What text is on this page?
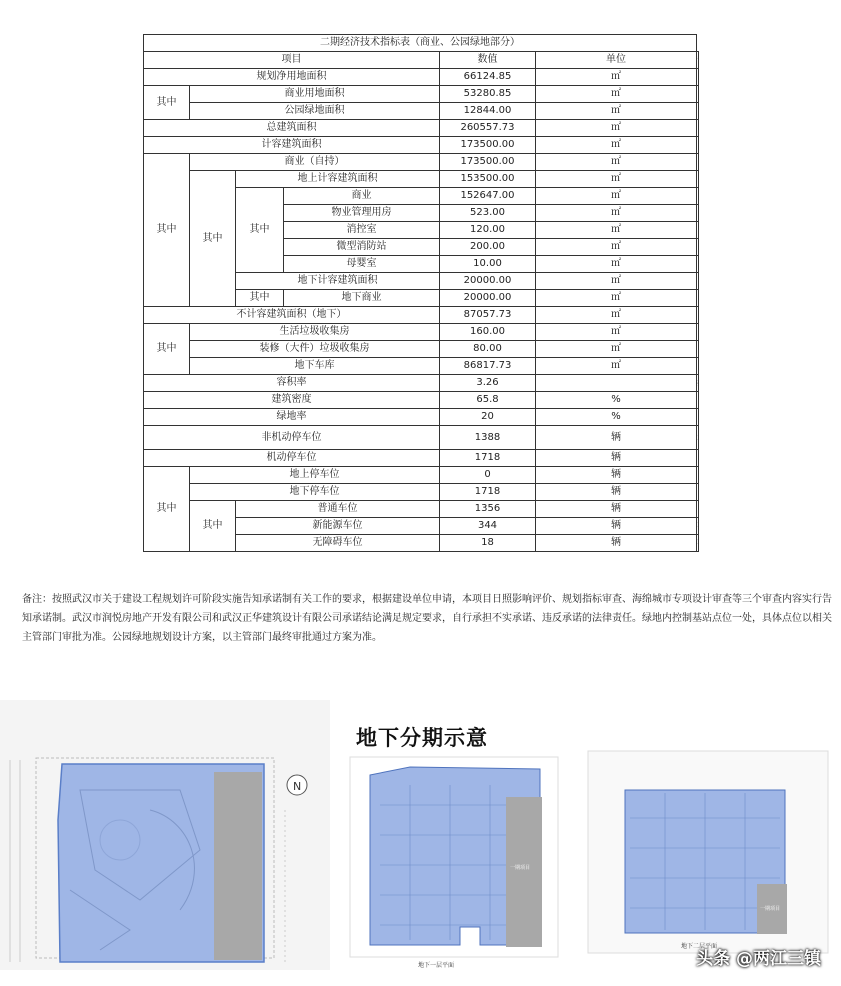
二期经济技术指标表（商业、公园绿地部分）						
项目				数值	单位	
规划净用地面积				66124.85	㎡	
其中	商业用地面积			53280.85	㎡	
	公园绿地面积			12844.00	㎡	
总建筑面积				260557.73	㎡	
计容建筑面积				173500.00	㎡	
其中	商业（自持）			173500.00	㎡	
	其中	地上计容建筑面积		153500.00	㎡	
		其中	商业	152647.00	㎡	
			物业管理用房	523.00	㎡	
			消控室	120.00	㎡	
			微型消防站	200.00	㎡	
			母婴室	10.00	㎡	
		地下计容建筑面积		20000.00	㎡	
		其中	地下商业	20000.00	㎡	
不计容建筑面积（地下）				87057.73	㎡	
其中	生活垃圾收集房			160.00	㎡	
	装修（大件）垃圾收集房			80.00	㎡	
	地下车库			86817.73	㎡	
容积率				3.26		
建筑密度				65.8	%	
绿地率				20	%	
非机动停车位				1388	辆	
机动停车位				1718	辆	
其中	地上停车位			0	辆	
	地下停车位			1718	辆	
	其中	普通车位		1356	辆	
		新能源车位		344	辆	
		无障碍车位		18	辆	

备注：按照武汉市关于建设工程规划许可阶段实施告知承诺制有关工作的要求，根据建设单位申请，本项目日照影响评价、规划指标审查、海绵城市专项设计审查等三个审查内容实行告知承诺制。武汉市润悦房地产开发有限公司和武汉正华建筑设计有限公司承诺结论满足规定要求，自行承担不实承诺、违反承诺的法律责任。绿地内控制基站点位一处，具体点位以相关主管部门审批为准。公园绿地规划设计方案，以主管部门最终审批通过方案为准。

N
地下分期示意
一期项目
地下一层平面
一期项目
地下二层平面
头条 @两江三镇
